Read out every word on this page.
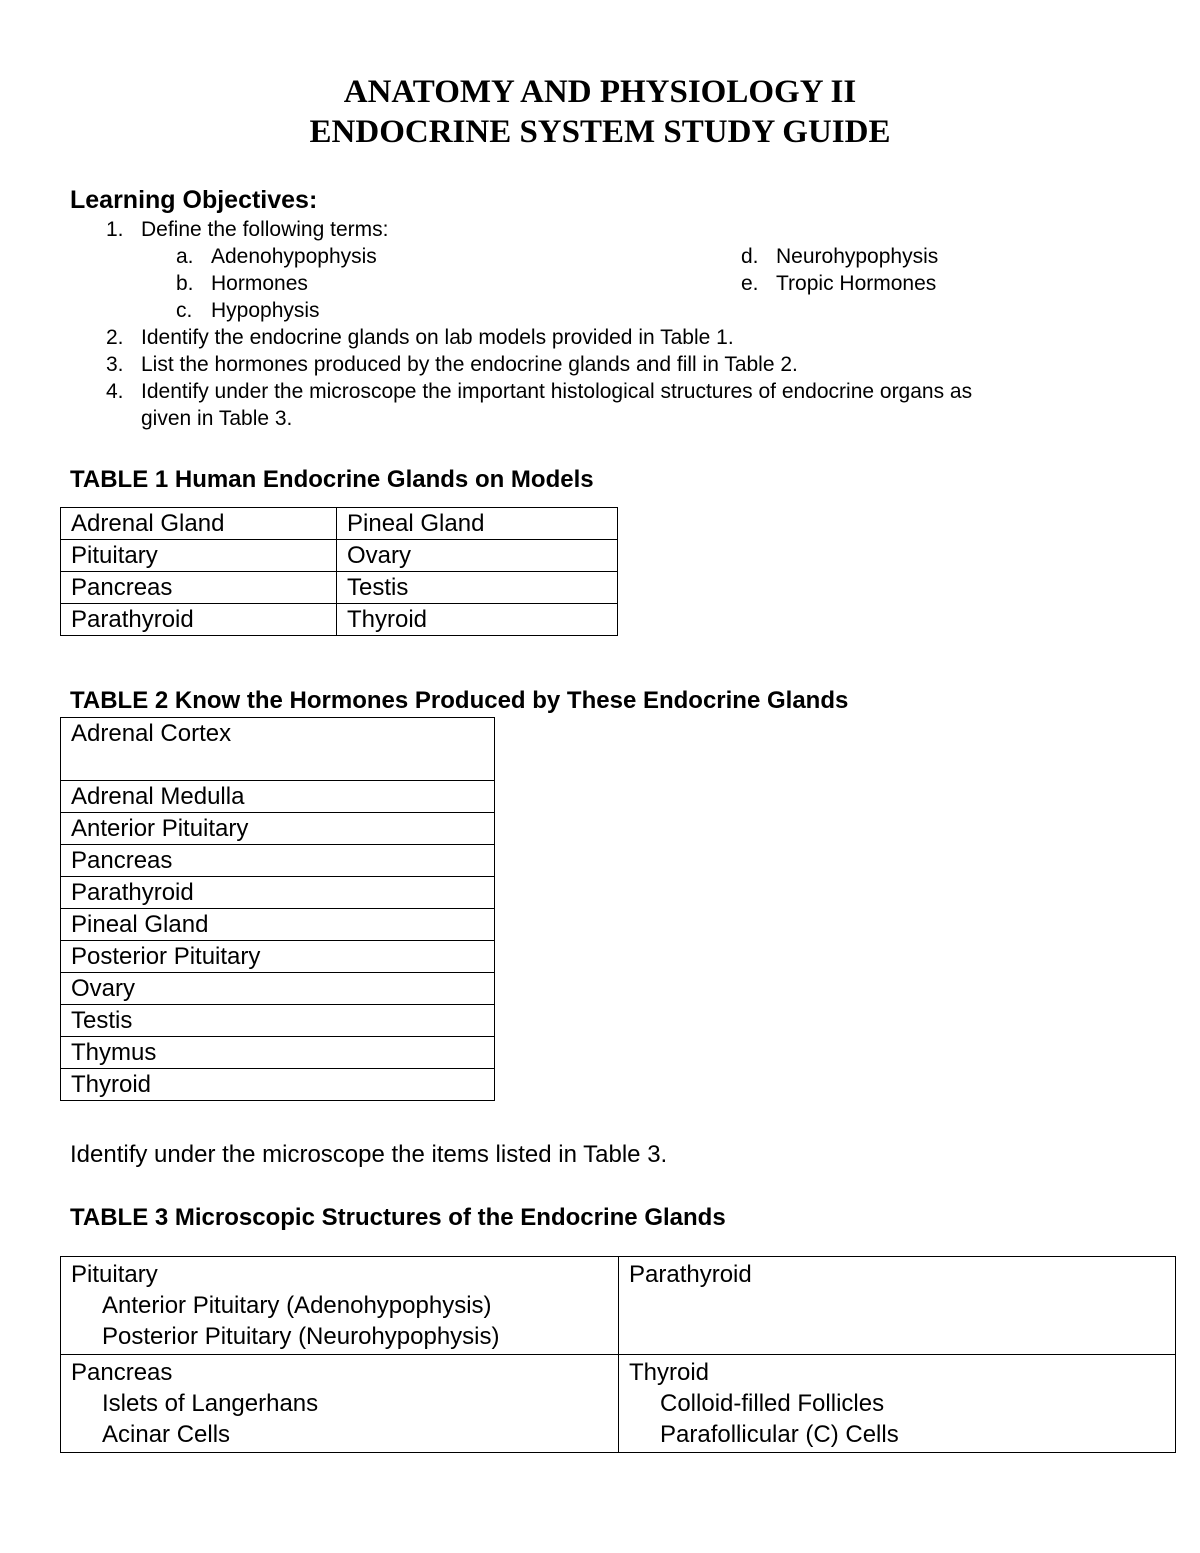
ANATOMY AND PHYSIOLOGY II
ENDOCRINE SYSTEM STUDY GUIDE
Learning Objectives:
1. Define the following terms:
a. Adenohypophysis
b. Hormones
c. Hypophysis
d. Neurohypophysis
e. Tropic Hormones
2. Identify the endocrine glands on lab models provided in Table 1.
3. List the hormones produced by the endocrine glands and fill in Table 2.
4. Identify under the microscope the important histological structures of endocrine organs as
given in Table 3.
TABLE 1 Human Endocrine Glands on Models
Adrenal Gland	Pineal Gland
Pituitary	Ovary
Pancreas	Testis
Parathyroid	Thyroid
TABLE 2 Know the Hormones Produced by These Endocrine Glands
Adrenal Cortex
Adrenal Medulla
Anterior Pituitary
Pancreas
Parathyroid
Pineal Gland
Posterior Pituitary
Ovary
Testis
Thymus
Thyroid
Identify under the microscope the items listed in Table 3.
TABLE 3 Microscopic Structures of the Endocrine Glands
Pituitary
Anterior Pituitary (Adenohypophysis)
Posterior Pituitary (Neurohypophysis)	Parathyroid

Pancreas
Islets of Langerhans
Acinar Cells	Thyroid
Colloid-filled Follicles
Parafollicular (C) Cells
